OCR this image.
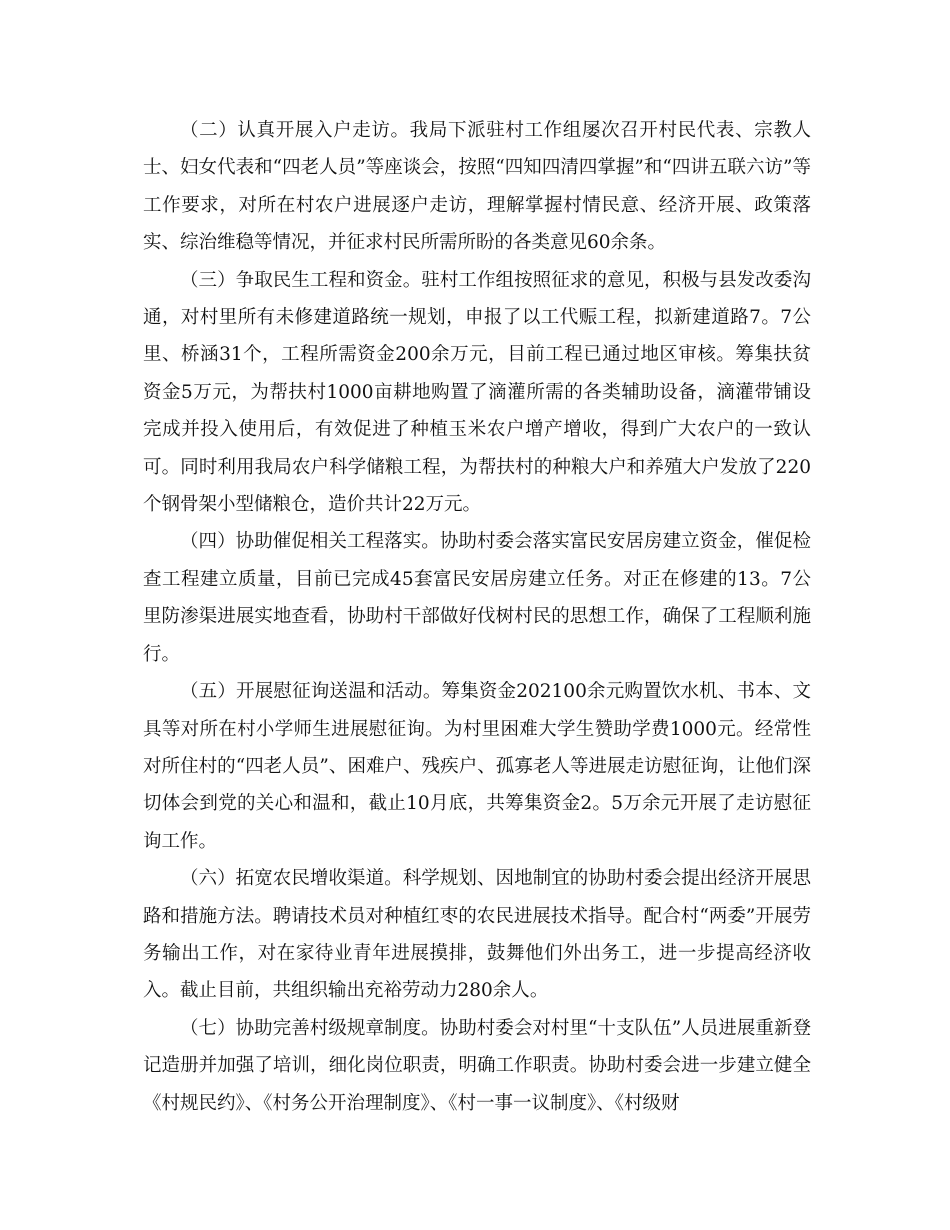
（二）认真开展入户走访。我局下派驻村工作组屡次召开村民代表、宗教人士、妇女代表和“四老人员”等座谈会，按照“四知四清四掌握”和“四讲五联六访”等工作要求，对所在村农户进展逐户走访，理解掌握村情民意、经济开展、政策落实、综治维稳等情况，并征求村民所需所盼的各类意见60余条。

（三）争取民生工程和资金。驻村工作组按照征求的意见，积极与县发改委沟通，对村里所有未修建道路统一规划，申报了以工代赈工程，拟新建道路7。7公里、桥涵31个，工程所需资金200余万元，目前工程已通过地区审核。筹集扶贫资金5万元，为帮扶村1000亩耕地购置了滴灌所需的各类辅助设备，滴灌带铺设完成并投入使用后，有效促进了种植玉米农户增产增收，得到广大农户的一致认可。同时利用我局农户科学储粮工程，为帮扶村的种粮大户和养殖大户发放了220个钢骨架小型储粮仓，造价共计22万元。

（四）协助催促相关工程落实。协助村委会落实富民安居房建立资金，催促检查工程建立质量，目前已完成45套富民安居房建立任务。对正在修建的13。7公里防渗渠进展实地查看，协助村干部做好伐树村民的思想工作，确保了工程顺利施行。

（五）开展慰征询送温和活动。筹集资金202100余元购置饮水机、书本、文具等对所在村小学师生进展慰征询。为村里困难大学生赞助学费1000元。经常性对所住村的“四老人员”、困难户、残疾户、孤寡老人等进展走访慰征询，让他们深切体会到党的关心和温和，截止10月底，共筹集资金2。5万余元开展了走访慰征询工作。

（六）拓宽农民增收渠道。科学规划、因地制宜的协助村委会提出经济开展思路和措施方法。聘请技术员对种植红枣的农民进展技术指导。配合村“两委”开展劳务输出工作，对在家待业青年进展摸排，鼓舞他们外出务工，进一步提高经济收入。截止目前，共组织输出充裕劳动力280余人。

（七）协助完善村级规章制度。协助村委会对村里“十支队伍”人员进展重新登记造册并加强了培训，细化岗位职责，明确工作职责。协助村委会进一步建立健全《村规民约》、《村务公开治理制度》、《村一事一议制度》、《村级财
